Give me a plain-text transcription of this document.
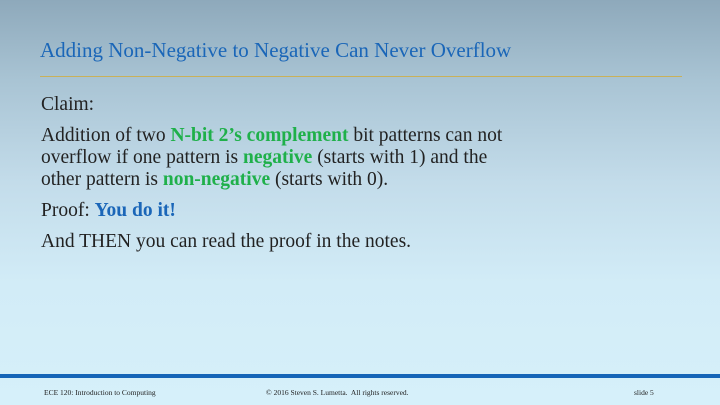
Adding Non-Negative to Negative Can Never Overflow

Claim:

Addition of two N-bit 2’s complement bit patterns can not overflow if one pattern is negative (starts with 1) and the other pattern is non-negative (starts with 0).

Proof: You do it!

And THEN you can read the proof in the notes.

ECE 120: Introduction to Computing	© 2016 Steven S. Lumetta.  All rights reserved.	slide 5
